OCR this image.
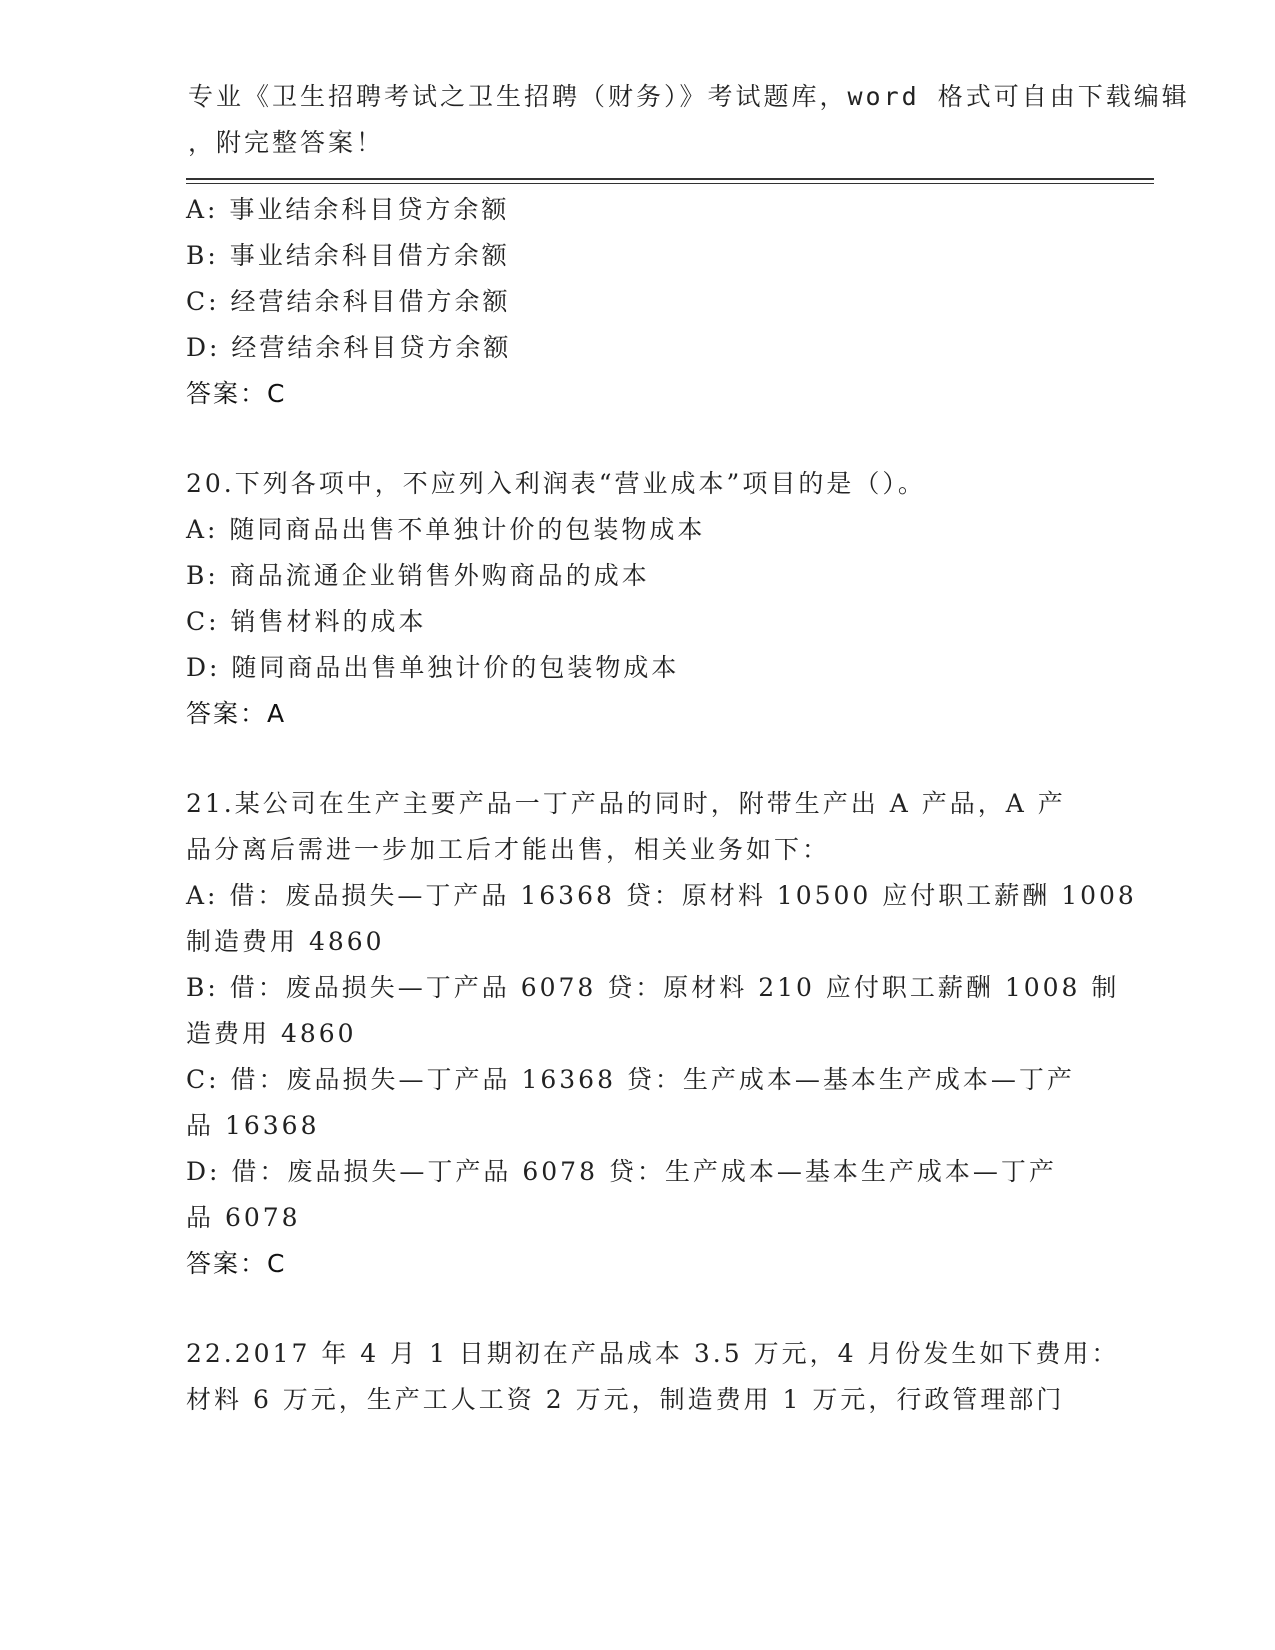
专业《卫生招聘考试之卫生招聘（财务）》考试题库，word 格式可自由下载编辑
，附完整答案！
A: 事业结余科目贷方余额
B: 事业结余科目借方余额
C: 经营结余科目借方余额
D: 经营结余科目贷方余额
答案：C
20.下列各项中，不应列入利润表“营业成本”项目的是（）。
A: 随同商品出售不单独计价的包装物成本
B: 商品流通企业销售外购商品的成本
C: 销售材料的成本
D: 随同商品出售单独计价的包装物成本
答案：A
21.某公司在生产主要产品一丁产品的同时，附带生产出 A 产品，A 产
品分离后需进一步加工后才能出售，相关业务如下：
A: 借：废品损失—丁产品 16368 贷：原材料 10500 应付职工薪酬 1008
制造费用 4860
B: 借：废品损失—丁产品 6078 贷：原材料 210 应付职工薪酬 1008 制
造费用 4860
C: 借：废品损失—丁产品 16368 贷：生产成本—基本生产成本—丁产
品 16368
D: 借：废品损失—丁产品 6078 贷：生产成本—基本生产成本—丁产
品 6078
答案：C
22.2017 年 4 月 1 日期初在产品成本 3.5 万元，4 月份发生如下费用：
材料 6 万元，生产工人工资 2 万元，制造费用 1 万元，行政管理部门
